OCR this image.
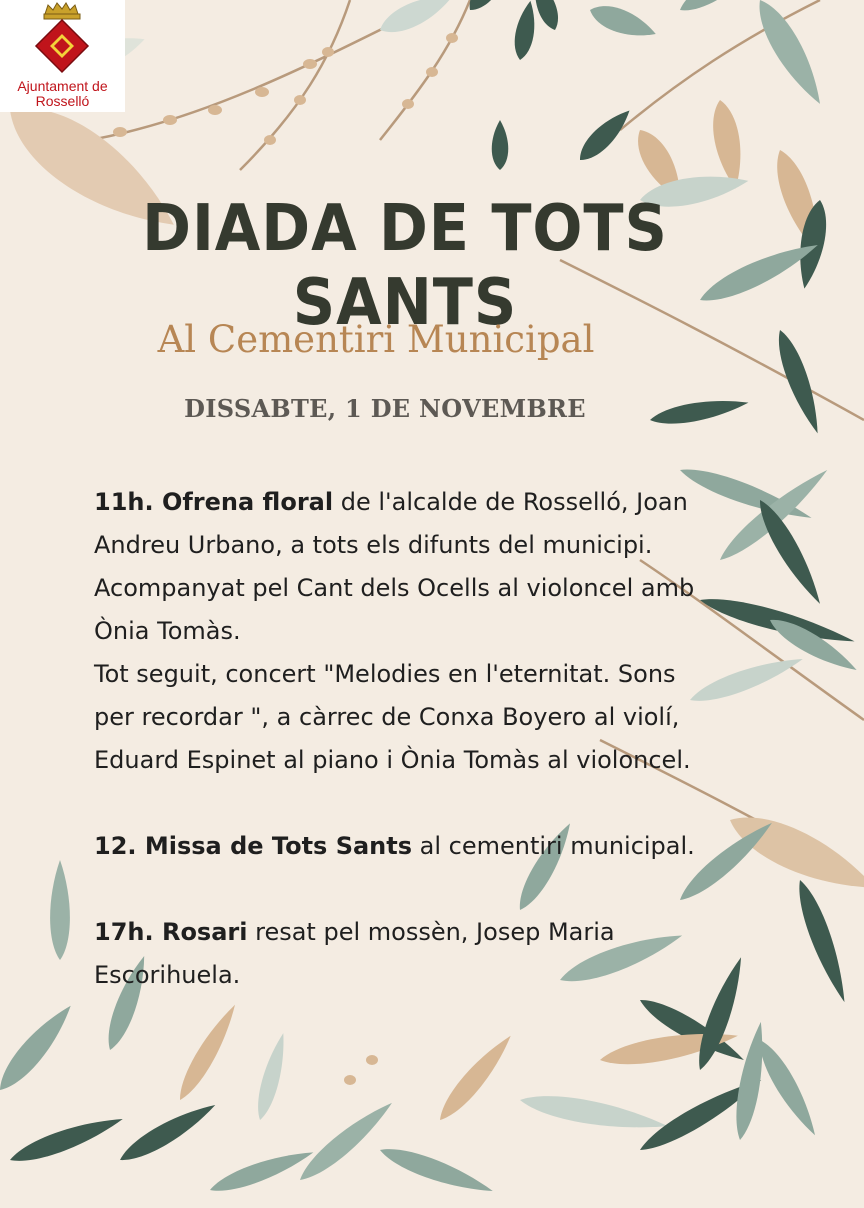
Ajuntament de
Rosselló
DIADA DE TOTS SANTS
Al Cementiri Municipal
DISSABTE, 1 DE NOVEMBRE

11h. Ofrena floral de l'alcalde de Rosselló, Joan Andreu Urbano, a tots els difunts del municipi. Acompanyat pel Cant dels Ocells al violoncel amb Ònia Tomàs.

Tot seguit, concert "Melodies en l'eternitat. Sons per recordar ", a càrrec de Conxa Boyero al violí, Eduard Espinet al piano i Ònia Tomàs al violoncel.

12. Missa de Tots Sants al cementiri municipal.

17h. Rosari resat pel mossèn, Josep Maria Escorihuela.
